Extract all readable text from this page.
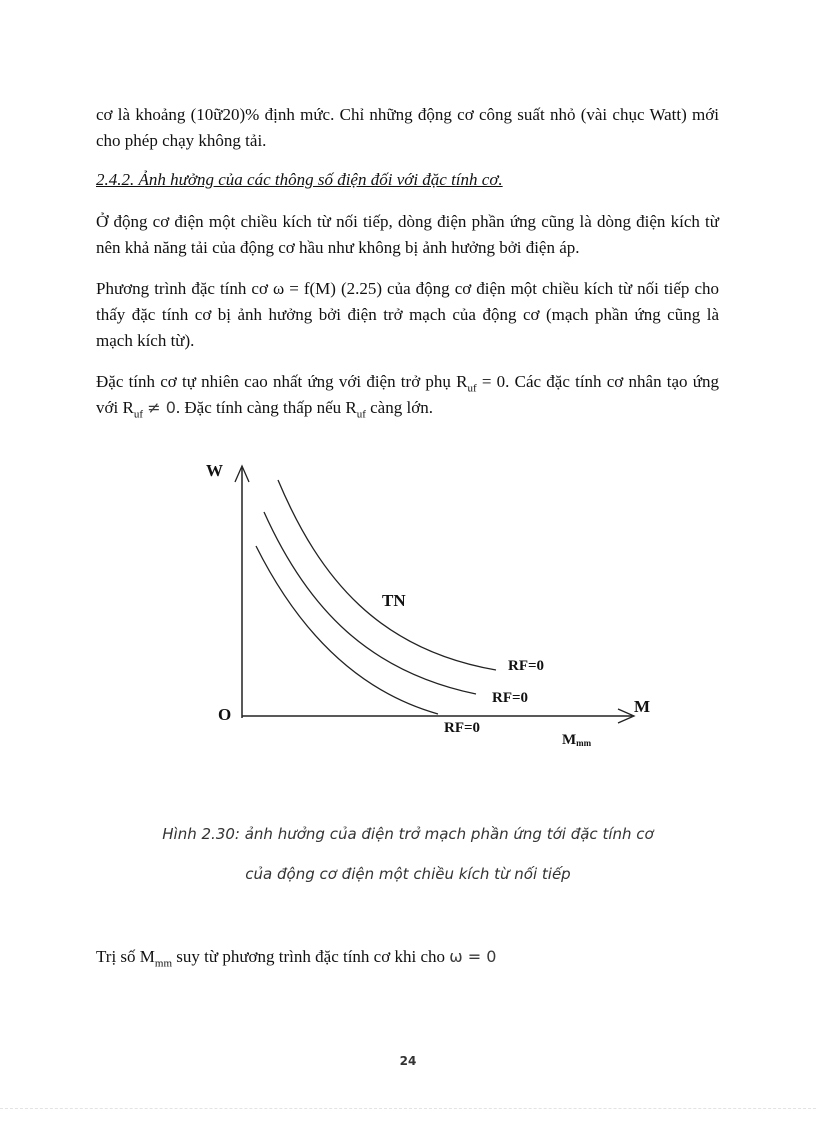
cơ là khoảng (10ữ20)% định mức. Chỉ những động cơ công suất nhỏ (vài chục Watt) mới cho phép chạy không tải.

2.4.2. Ảnh hưởng của các thông số điện đối với đặc tính cơ.

Ở động cơ điện một chiều kích từ nối tiếp, dòng điện phần ứng cũng là dòng điện kích từ nên khả năng tải của động cơ hầu như không bị ảnh hưởng bởi điện áp.

Phương trình đặc tính cơ ω = f(M) (2.25) của động cơ điện một chiều kích từ nối tiếp cho thấy đặc tính cơ bị ảnh hưởng bởi điện trở mạch của động cơ (mạch phần ứng cũng là mạch kích từ).

Đặc tính cơ tự nhiên cao nhất ứng với điện trở phụ $R_{uf} = 0$. Các đặc tính cơ nhân tạo ứng với $R_{uf} \ne 0$. Đặc tính càng thấp nếu $R_{uf}$ càng lớn.

W
M
O
TN
RF=0
RF=0
RF=0
Mmm
Hình 2.30: ảnh hưởng của điện trở mạch phần ứng tới đặc tính cơ
của động cơ điện một chiều kích từ nối tiếp

Trị số $M_{mm}$ suy từ phương trình đặc tính cơ khi cho ω = 0

24
